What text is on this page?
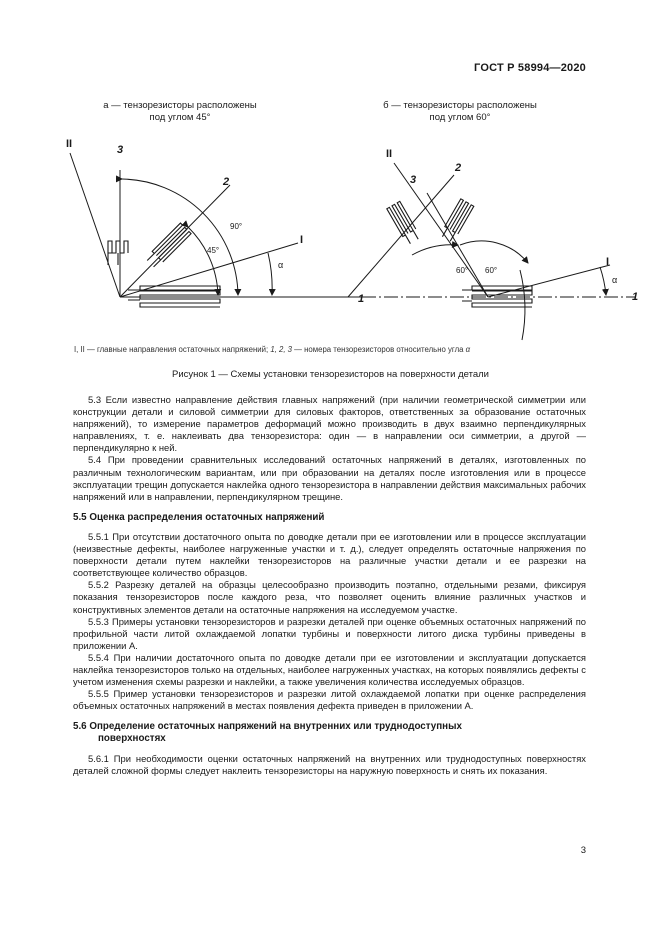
ГОСТ Р 58994—2020
а — тензорезисторы расположены
под углом 45°
б — тензорезисторы расположены
под углом 60°
II	3
2
I
1
45°
90°
α
II
3
2
I
1
60° 60°
α
I, II — главные направления остаточных напряжений; 1, 2, 3 — номера тензорезисторов относительно угла α
Рисунок 1 — Схемы установки тензорезисторов на поверхности детали

5.3 Если известно направление действия главных напряжений (при наличии геометрической симметрии или конструкции детали и силовой симметрии для силовых факторов, ответственных за образование остаточных напряжений), то измерение параметров деформаций можно производить в двух взаимно перпендикулярных направлениях, т. е. наклеивать два тензорезистора: один — в направлении оси симметрии, а другой — перпендикулярно к ней.

5.4 При проведении сравнительных исследований остаточных напряжений в деталях, изготовленных по различным технологическим вариантам, или при образовании на деталях после изготовления или в процессе эксплуатации трещин допускается наклейка одного тензорезистора в направлении действия максимальных рабочих напряжений или в направлении, перпендикулярном трещине.

5.5 Оценка распределения остаточных напряжений

5.5.1 При отсутствии достаточного опыта по доводке детали при ее изготовлении или в процессе эксплуатации (неизвестные дефекты, наиболее нагруженные участки и т. д.), следует определять остаточные напряжения по поверхности детали путем наклейки тензорезисторов на различные участки детали и ее разрезки на соответствующее количество образцов.

5.5.2 Разрезку деталей на образцы целесообразно производить поэтапно, отдельными резами, фиксируя показания тензорезисторов после каждого реза, что позволяет оценить влияние различных участков и конструктивных элементов детали на остаточные напряжения на исследуемом участке.

5.5.3 Примеры установки тензорезисторов и разрезки деталей при оценке объемных остаточных напряжений по профильной части литой охлаждаемой лопатки турбины и поверхности литого диска турбины приведены в приложении А.

5.5.4 При наличии достаточного опыта по доводке детали при ее изготовлении и эксплуатации допускается наклейка тензорезисторов только на отдельных, наиболее нагруженных участках, на которых появлялись дефекты с учетом изменения схемы разрезки и наклейки, а также увеличения количества исследуемых образцов.

5.5.5 Пример установки тензорезисторов и разрезки литой охлаждаемой лопатки при оценке распределения объемных остаточных напряжений в местах появления дефекта приведен в приложении А.

5.6 Определение остаточных напряжений на внутренних или труднодоступных
поверхностях

5.6.1 При необходимости оценки остаточных напряжений на внутренних или труднодоступных поверхностях деталей сложной формы следует наклеить тензорезисторы на наружную поверхность и снять их показания.

3
